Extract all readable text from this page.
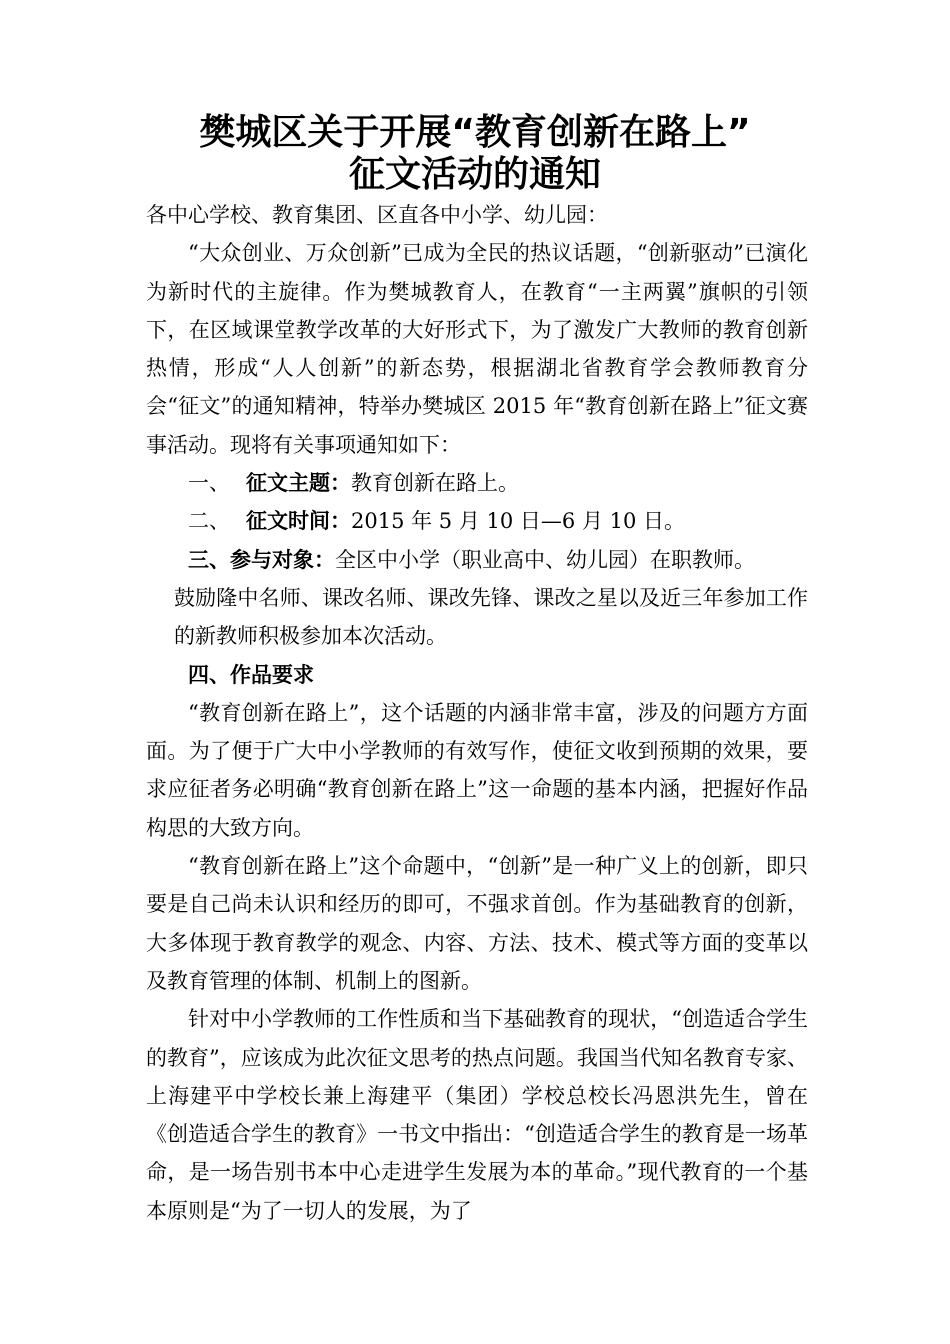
樊城区关于开展“教育创新在路上”
征文活动的通知

各中心学校、教育集团、区直各中小学、幼儿园：

“大众创业、万众创新”已成为全民的热议话题，“创新驱动”已演化为新时代的主旋律。作为樊城教育人，在教育“一主两翼”旗帜的引领下，在区域课堂教学改革的大好形式下，为了激发广大教师的教育创新热情，形成“人人创新”的新态势，根据湖北省教育学会教师教育分会“征文”的通知精神，特举办樊城区 2015 年“教育创新在路上”征文赛事活动。现将有关事项通知如下：

一、 征文主题：教育创新在路上。

二、 征文时间：2015 年 5 月 10 日—6 月 10 日。

三、参与对象：全区中小学（职业高中、幼儿园）在职教师。

鼓励隆中名师、课改名师、课改先锋、课改之星以及近三年参加工作的新教师积极参加本次活动。

四、作品要求

“教育创新在路上”，这个话题的内涵非常丰富，涉及的问题方方面面。为了便于广大中小学教师的有效写作，使征文收到预期的效果，要求应征者务必明确“教育创新在路上”这一命题的基本内涵，把握好作品构思的大致方向。

“教育创新在路上”这个命题中，“创新”是一种广义上的创新，即只要是自己尚未认识和经历的即可，不强求首创。作为基础教育的创新，大多体现于教育教学的观念、内容、方法、技术、模式等方面的变革以及教育管理的体制、机制上的图新。

针对中小学教师的工作性质和当下基础教育的现状，“创造适合学生的教育”，应该成为此次征文思考的热点问题。我国当代知名教育专家、上海建平中学校长兼上海建平（集团）学校总校长冯恩洪先生，曾在《创造适合学生的教育》一书文中指出：“创造适合学生的教育是一场革命，是一场告别书本中心走进学生发展为本的革命。”现代教育的一个基本原则是“为了一切人的发展，为了
